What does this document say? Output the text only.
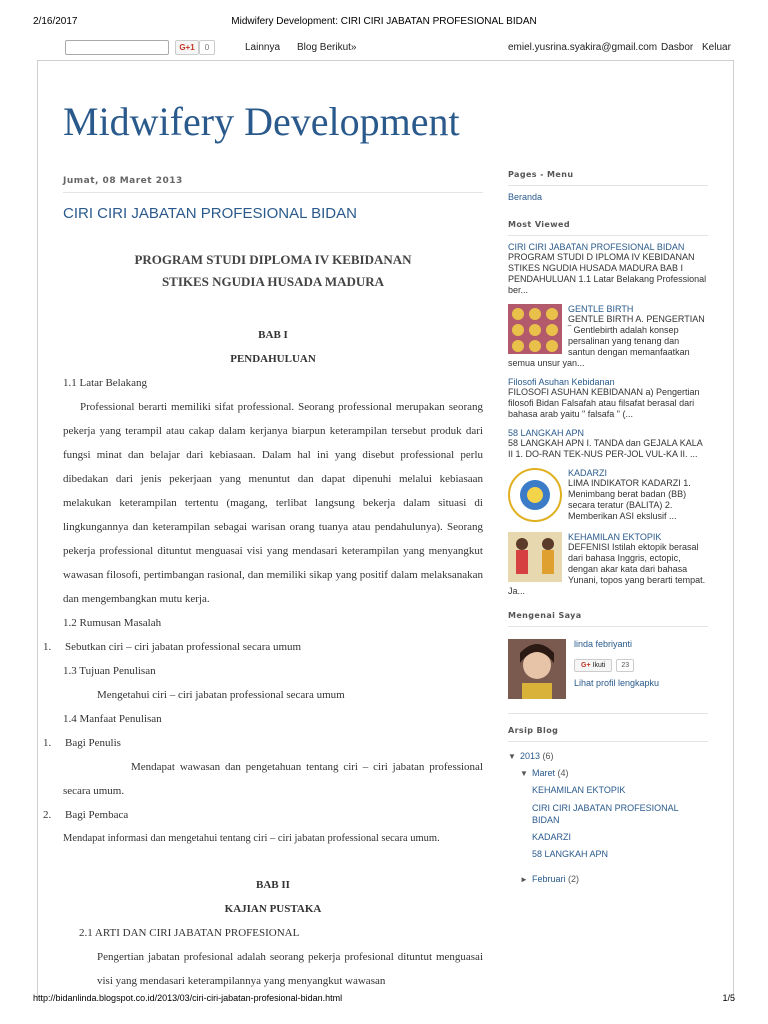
2/16/2017	Midwifery Development: CIRI CIRI JABATAN PROFESIONAL BIDAN
G+1	0	Lainnya Blog Berikut»	emiel.yusrina.syakira@gmail.com Dasbor Keluar
Midwifery Development
Jumat, 08 Maret 2013
CIRI CIRI JABATAN PROFESIONAL BIDAN
PROGRAM STUDI DIPLOMA IV KEBIDANAN
STIKES NGUDIA HUSADA MADURA
BAB I
PENDAHULUAN
1.1 Latar Belakang
Professional berarti memiliki sifat professional. Seorang professional merupakan seorang pekerja yang terampil atau cakap dalam kerjanya biarpun keterampilan tersebut produk dari fungsi minat dan belajar dari kebiasaan. Dalam hal ini yang disebut professional perlu dibedakan dari jenis pekerjaan yang menuntut dan dapat dipenuhi melalui kebiasaan melakukan keterampilan tertentu (magang, terlibat langsung bekerja dalam situasi di lingkungannya dan keterampilan sebagai warisan orang tuanya atau pendahulunya). Seorang pekerja professional dituntut menguasai visi yang mendasari keterampilan yang menyangkut wawasan filosofi, pertimbangan rasional, dan memiliki sikap yang positif dalam melaksanakan dan mengembangkan mutu kerja.
1.2 Rumusan Masalah
1. Sebutkan ciri – ciri jabatan professional secara umum
1.3 Tujuan Penulisan
Mengetahui ciri – ciri jabatan professional secara umum
1.4 Manfaat Penulisan
1. Bagi Penulis
Mendapat wawasan dan pengetahuan tentang ciri – ciri jabatan professional secara umum.
2. Bagi Pembaca
Mendapat informasi dan mengetahui tentang ciri – ciri jabatan professional secara umum.
BAB II
KAJIAN PUSTAKA
2.1 ARTI DAN CIRI JABATAN PROFESIONAL
Pengertian jabatan profesional adalah seorang pekerja profesional dituntut menguasai visi yang mendasari keterampilannya yang menyangkut wawasan
Pages - Menu
Beranda
Most Viewed
CIRI CIRI JABATAN PROFESIONAL BIDAN
PROGRAM STUDI D IPLOMA IV KEBIDANAN STIKES NGUDIA HUSADA MADURA BAB I PENDAHULUAN 1.1 Latar Belakang Professional ber...
GENTLE BIRTH
GENTLE BIRTH A. PENGERTIAN ‾ Gentlebirth adalah konsep persalinan yang tenang dan santun dengan memanfaatkan semua unsur yan...
Filosofi Asuhan Kebidanan
FILOSOFI ASUHAN KEBIDANAN a) Pengertian filosofi Bidan Falsafah atau filsafat berasal dari bahasa arab yaitu " falsafa " (...
58 LANGKAH APN
58 LANGKAH APN I. TANDA dan GEJALA KALA II 1. DO-RAN TEK-NUS PER-JOL VUL-KA II. ...
KADARZI
LIMA INDIKATOR KADARZI 1. Menimbang berat badan (BB) secara teratur (BALITA) 2. Memberikan ASI ekslusif ...
KEHAMILAN EKTOPIK
DEFENISI Istilah ektopik berasal dari bahasa Inggris, ectopic, dengan akar kata dari bahasa Yunani, topos yang berarti tempat. Ja...
Mengenai Saya
linda febriyanti
G+ Ikuti 23
Lihat profil lengkapku
Arsip Blog
▼ 2013 (6)
▼ Maret (4)
KEHAMILAN EKTOPIK
CIRI CIRI JABATAN PROFESIONAL BIDAN
KADARZI
58 LANGKAH APN
► Februari (2)
http://bidanlinda.blogspot.co.id/2013/03/ciri-ciri-jabatan-profesional-bidan.html	1/5
